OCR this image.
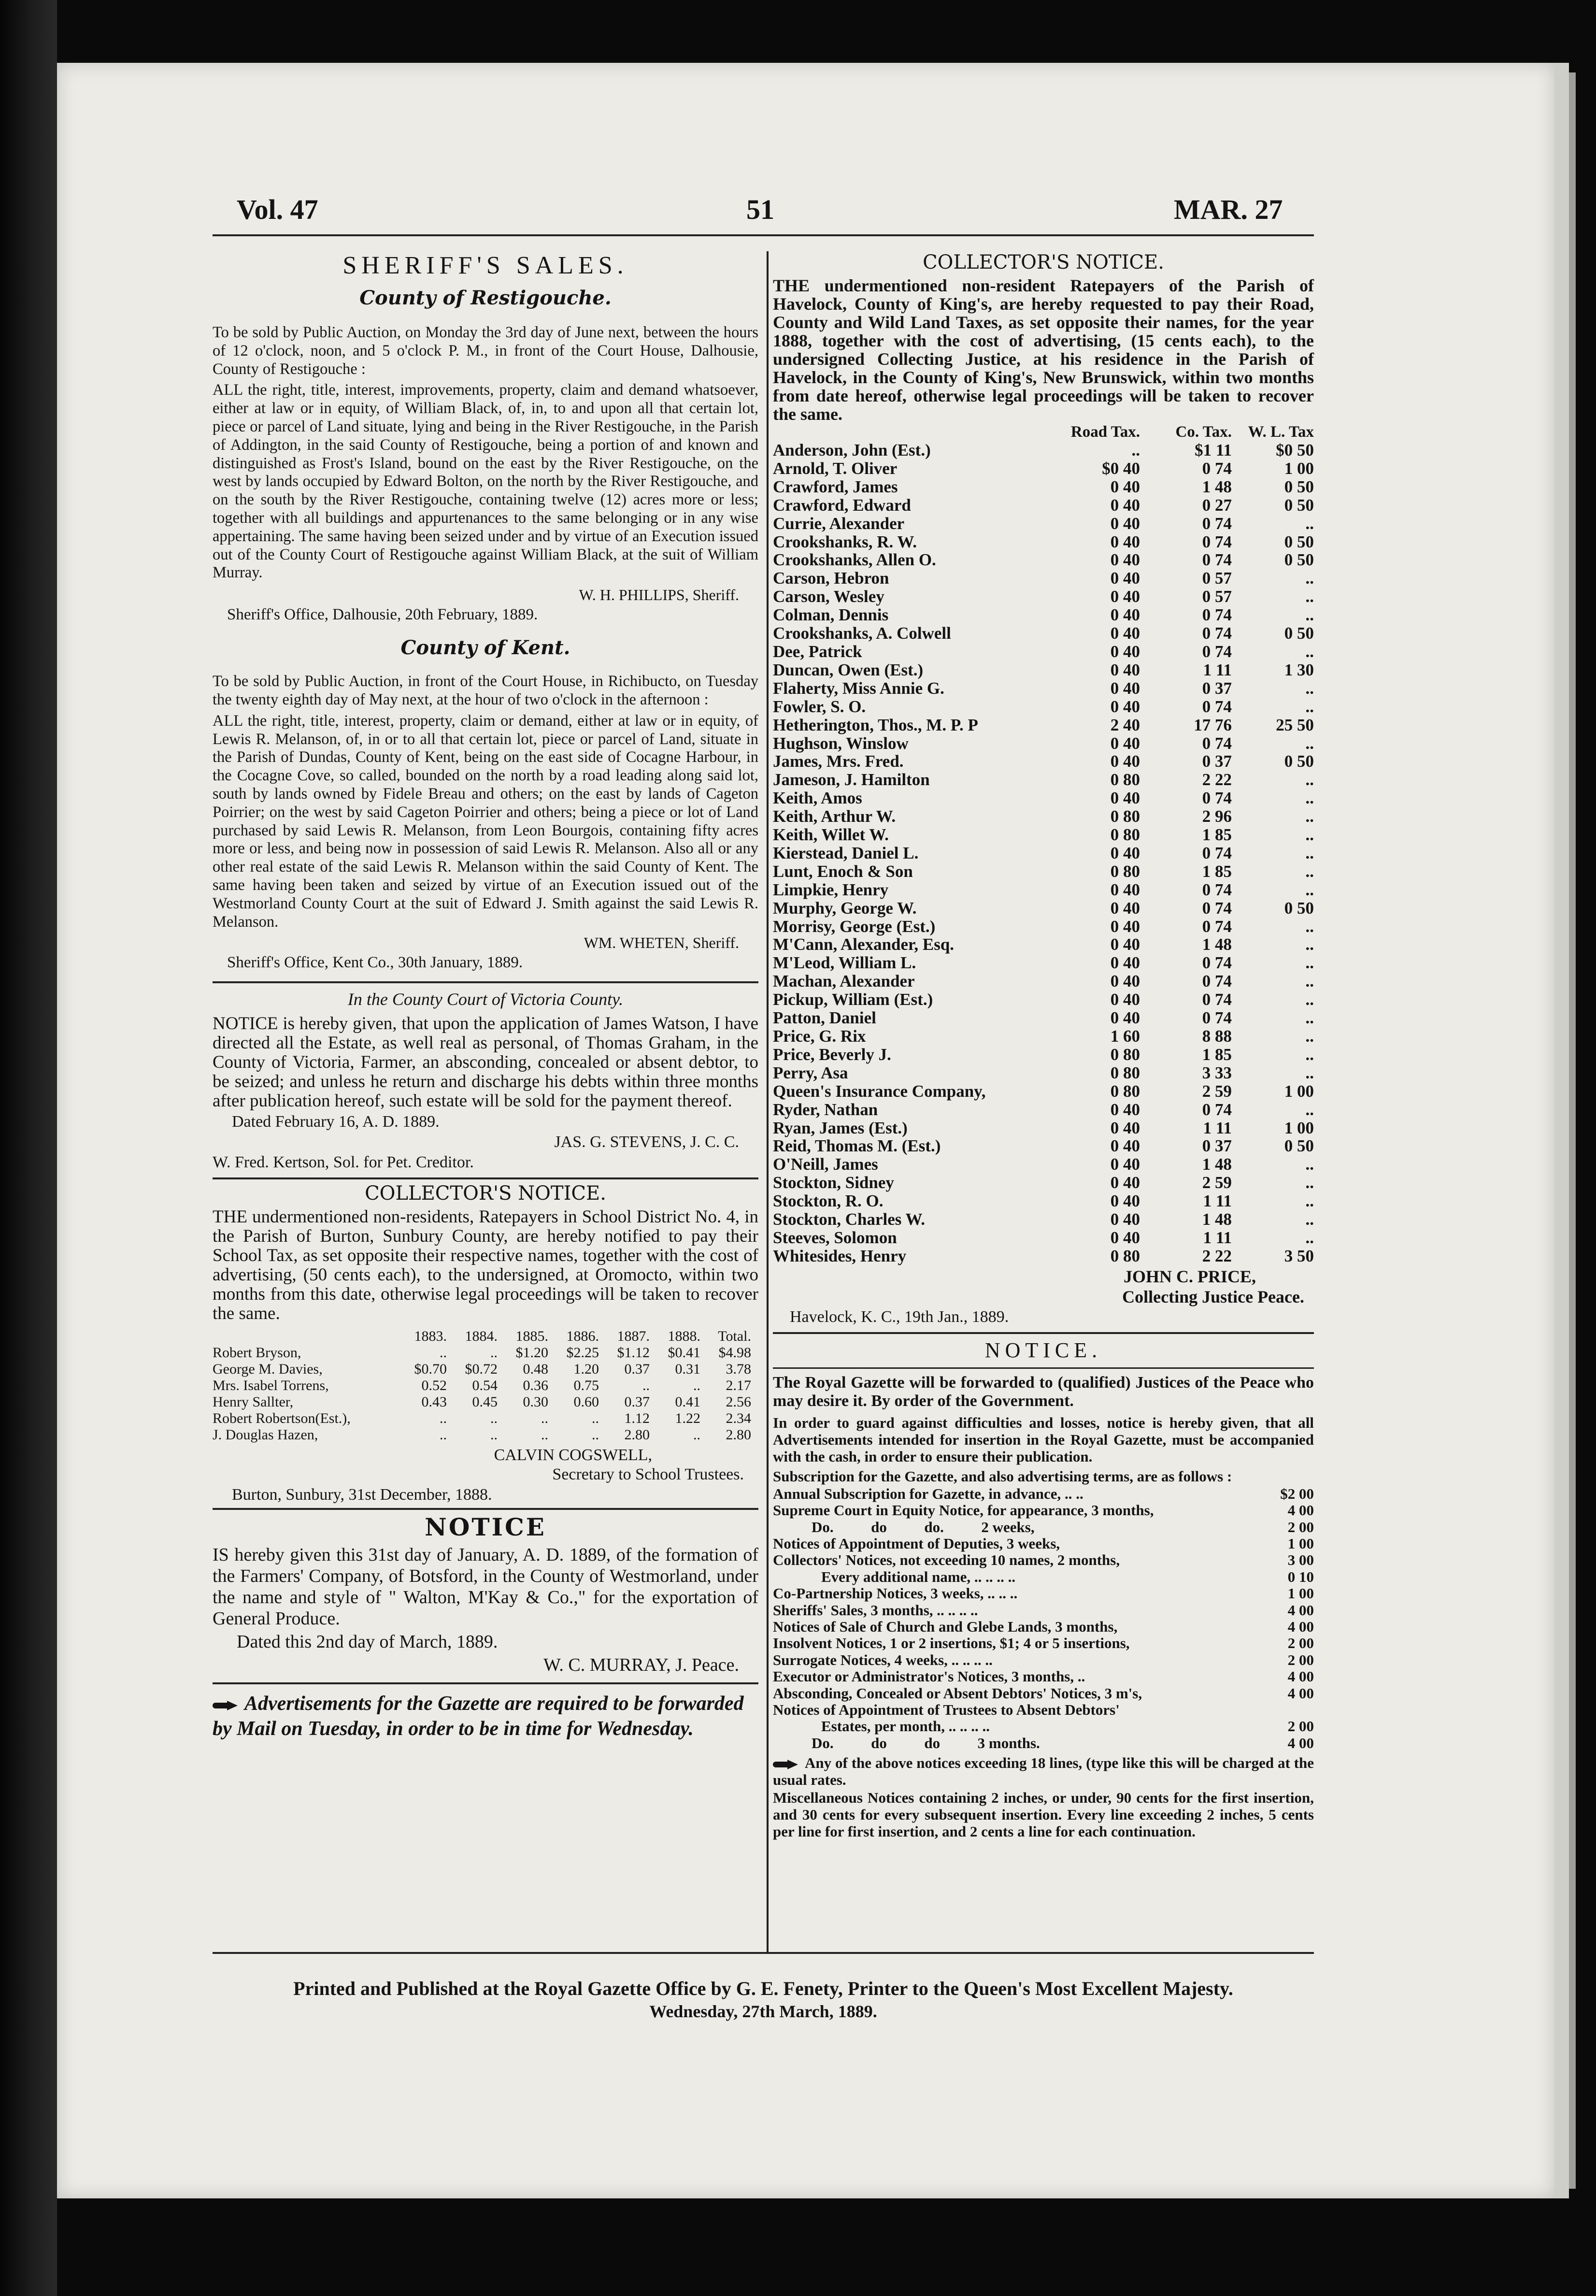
Vol. 47	51	MAR. 27
SHERIFF'S SALES.
County of Restigouche.
To be sold by Public Auction, on Monday the 3rd day of June next, between the hours of 12 o'clock, noon, and 5 o'clock P. M., in front of the Court House, Dalhousie, County of Restigouche :
ALL the right, title, interest, improvements, property, claim and demand whatsoever, either at law or in equity, of William Black, of, in, to and upon all that certain lot, piece or parcel of Land situate, lying and being in the River Restigouche, in the Parish of Addington, in the said County of Restigouche, being a portion of and known and distinguished as Frost's Island, bound on the east by the River Restigouche, on the west by lands occupied by Edward Bolton, on the north by the River Restigouche, and on the south by the River Restigouche, containing twelve (12) acres more or less; together with all buildings and appurtenances to the same belonging or in any wise appertaining. The same having been seized under and by virtue of an Execution issued out of the County Court of Restigouche against William Black, at the suit of William Murray.
W. H. PHILLIPS, Sheriff.
Sheriff's Office, Dalhousie, 20th February, 1889.
County of Kent.
To be sold by Public Auction, in front of the Court House, in Richibucto, on Tuesday the twenty eighth day of May next, at the hour of two o'clock in the afternoon :
ALL the right, title, interest, property, claim or demand, either at law or in equity, of Lewis R. Melanson, of, in or to all that certain lot, piece or parcel of Land, situate in the Parish of Dundas, County of Kent, being on the east side of Cocagne Harbour, in the Cocagne Cove, so called, bounded on the north by a road leading along said lot, south by lands owned by Fidele Breau and others; on the east by lands of Cageton Poirrier; on the west by said Cageton Poirrier and others; being a piece or lot of Land purchased by said Lewis R. Melanson, from Leon Bourgois, containing fifty acres more or less, and being now in possession of said Lewis R. Melanson. Also all or any other real estate of the said Lewis R. Melanson within the said County of Kent. The same having been taken and seized by virtue of an Execution issued out of the Westmorland County Court at the suit of Edward J. Smith against the said Lewis R. Melanson.
WM. WHETEN, Sheriff.
Sheriff's Office, Kent Co., 30th January, 1889.
In the County Court of Victoria County.
NOTICE is hereby given, that upon the application of James Watson, I have directed all the Estate, as well real as personal, of Thomas Graham, in the County of Victoria, Farmer, an absconding, concealed or absent debtor, to be seized; and unless he return and discharge his debts within three months after publication hereof, such estate will be sold for the payment thereof.
Dated February 16, A. D. 1889.
JAS. G. STEVENS, J. C. C.
W. Fred. Kertson, Sol. for Pet. Creditor.
COLLECTOR'S NOTICE.
THE undermentioned non-residents, Ratepayers in School District No. 4, in the Parish of Burton, Sunbury County, are hereby notified to pay their School Tax, as set opposite their respective names, together with the cost of advertising, (50 cents each), to the undersigned, at Oromocto, within two months from this date, otherwise legal proceedings will be taken to recover the same.
	1883.	1884.	1885.	1886.	1887.	1888.	Total.
Robert Bryson,	..	..	$1.20	$2.25	$1.12	$0.41	$4.98
George M. Davies,	$0.70	$0.72	0.48	1.20	0.37	0.31	3.78
Mrs. Isabel Torrens,	0.52	0.54	0.36	0.75	..	..	2.17
Henry Sallter,	0.43	0.45	0.30	0.60	0.37	0.41	2.56
Robert Robertson(Est.),	..	..	..	..	1.12	1.22	2.34
J. Douglas Hazen,	..	..	..	..	2.80	..	2.80
CALVIN COGSWELL,
Secretary to School Trustees.
Burton, Sunbury, 31st December, 1888.
NOTICE
IS hereby given this 31st day of January, A. D. 1889, of the formation of the Farmers' Company, of Botsford, in the County of Westmorland, under the name and style of " Walton, M'Kay & Co.," for the exportation of General Produce.
Dated this 2nd day of March, 1889.
W. C. MURRAY, J. Peace.
Advertisements for the Gazette are required to be forwarded by Mail on Tuesday, in order to be in time for Wednesday.
COLLECTOR'S NOTICE.
THE undermentioned non-resident Ratepayers of the Parish of Havelock, County of King's, are hereby requested to pay their Road, County and Wild Land Taxes, as set opposite their names, for the year 1888, together with the cost of advertising, (15 cents each), to the undersigned Collecting Justice, at his residence in the Parish of Havelock, in the County of King's, New Brunswick, within two months from date hereof, otherwise legal proceedings will be taken to recover the same.
	Road Tax.	Co. Tax.	W. L. Tax
Anderson, John (Est.)	..	$1 11	$0 50
Arnold, T. Oliver	$0 40	0 74	1 00
Crawford, James	0 40	1 48	0 50
Crawford, Edward	0 40	0 27	0 50
Currie, Alexander	0 40	0 74	..
Crookshanks, R. W.	0 40	0 74	0 50
Crookshanks, Allen O.	0 40	0 74	0 50
Carson, Hebron	0 40	0 57	..
Carson, Wesley	0 40	0 57	..
Colman, Dennis	0 40	0 74	..
Crookshanks, A. Colwell	0 40	0 74	0 50
Dee, Patrick	0 40	0 74	..
Duncan, Owen (Est.)	0 40	1 11	1 30
Flaherty, Miss Annie G.	0 40	0 37	..
Fowler, S. O.	0 40	0 74	..
Hetherington, Thos., M. P. P	2 40	17 76	25 50
Hughson, Winslow	0 40	0 74	..
James, Mrs. Fred.	0 40	0 37	0 50
Jameson, J. Hamilton	0 80	2 22	..
Keith, Amos	0 40	0 74	..
Keith, Arthur W.	0 80	2 96	..
Keith, Willet W.	0 80	1 85	..
Kierstead, Daniel L.	0 40	0 74	..
Lunt, Enoch & Son	0 80	1 85	..
Limpkie, Henry	0 40	0 74	..
Murphy, George W.	0 40	0 74	0 50
Morrisy, George (Est.)	0 40	0 74	..
M'Cann, Alexander, Esq.	0 40	1 48	..
M'Leod, William L.	0 40	0 74	..
Machan, Alexander	0 40	0 74	..
Pickup, William (Est.)	0 40	0 74	..
Patton, Daniel	0 40	0 74	..
Price, G. Rix	1 60	8 88	..
Price, Beverly J.	0 80	1 85	..
Perry, Asa	0 80	3 33	..
Queen's Insurance Company,	0 80	2 59	1 00
Ryder, Nathan	0 40	0 74	..
Ryan, James (Est.)	0 40	1 11	1 00
Reid, Thomas M. (Est.)	0 40	0 37	0 50
O'Neill, James	0 40	1 48	..
Stockton, Sidney	0 40	2 59	..
Stockton, R. O.	0 40	1 11	..
Stockton, Charles W.	0 40	1 48	..
Steeves, Solomon	0 40	1 11	..
Whitesides, Henry	0 80	2 22	3 50
JOHN C. PRICE,
Collecting Justice Peace.
Havelock, K. C., 19th Jan., 1889.
NOTICE.
The Royal Gazette will be forwarded to (qualified) Justices of the Peace who may desire it. By order of the Government.
In order to guard against difficulties and losses, notice is hereby given, that all Advertisements intended for insertion in the Royal Gazette, must be accompanied with the cash, in order to ensure their publication.
Subscription for the Gazette, and also advertising terms, are as follows :
Annual Subscription for Gazette, in advance, .. ..	$2 00
Supreme Court in Equity Notice, for appearance, 3 months,	4 00
Do.          do          do.          2 weeks,	2 00
Notices of Appointment of Deputies, 3 weeks,	1 00
Collectors' Notices, not exceeding 10 names, 2 months,	3 00
Every additional name, .. .. .. ..	0 10
Co-Partnership Notices, 3 weeks, .. .. ..	1 00
Sheriffs' Sales, 3 months, .. .. .. ..	4 00
Notices of Sale of Church and Glebe Lands, 3 months,	4 00
Insolvent Notices, 1 or 2 insertions, $1; 4 or 5 insertions,	2 00
Surrogate Notices, 4 weeks, .. .. .. ..	2 00
Executor or Administrator's Notices, 3 months, ..	4 00
Absconding, Concealed or Absent Debtors' Notices, 3 m's,	4 00
Notices of Appointment of Trustees to Absent Debtors'	
Estates, per month, .. .. .. ..	2 00
Do.          do          do          3 months.	4 00
Any of the above notices exceeding 18 lines, (type like this will be charged at the usual rates.
Miscellaneous Notices containing 2 inches, or under, 90 cents for the first insertion, and 30 cents for every subsequent insertion. Every line exceeding 2 inches, 5 cents per line for first insertion, and 2 cents a line for each continuation.
Printed and Published at the Royal Gazette Office by G. E. Fenety, Printer to the Queen's Most Excellent Majesty.
Wednesday, 27th March, 1889.
